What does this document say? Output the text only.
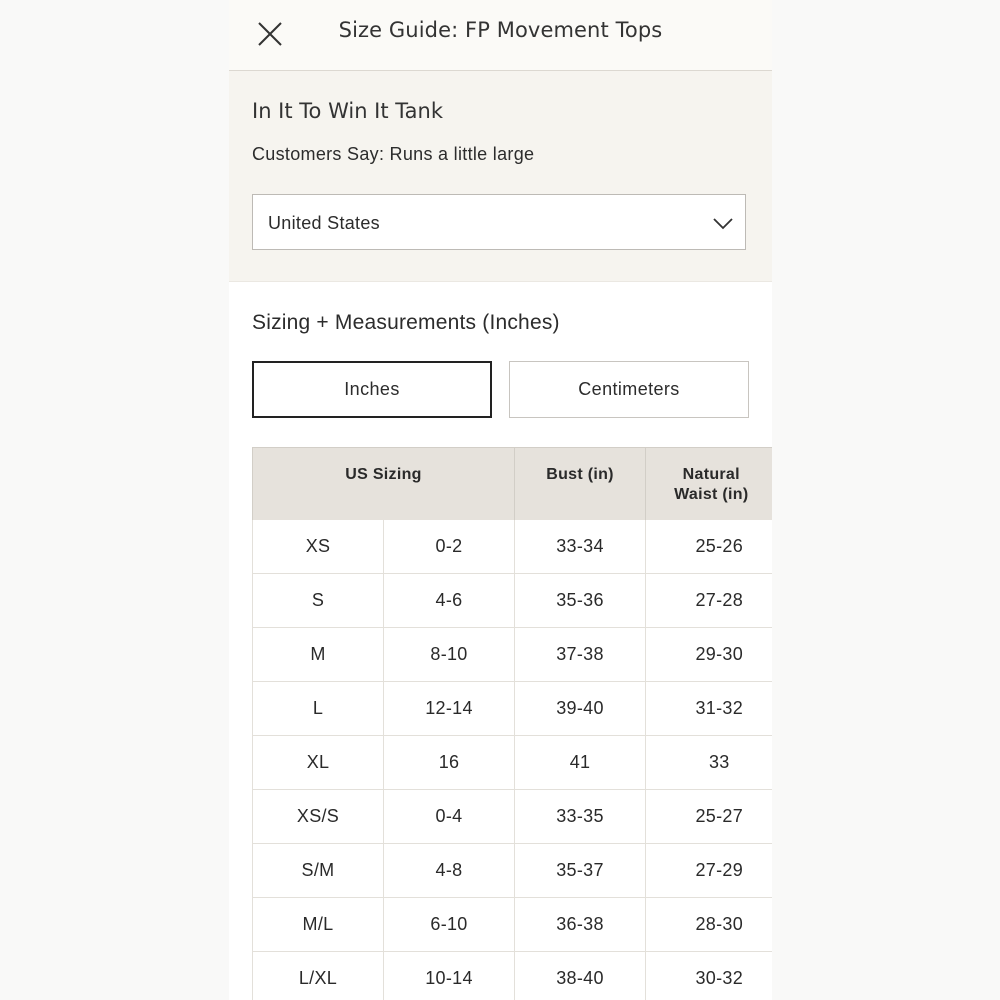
Size Guide: FP Movement Tops
In It To Win It Tank
Customers Say: Runs a little large
United States
Sizing + Measurements (Inches)
Inches	Centimeters
US Sizing		Bust (in)	Natural
Waist (in)

XS	0-2	33-34	25-26
S	4-6	35-36	27-28
M	8-10	37-38	29-30
L	12-14	39-40	31-32
XL	16	41	33
XS/S	0-4	33-35	25-27
S/M	4-8	35-37	27-29
M/L	6-10	36-38	28-30
L/XL	10-14	38-40	30-32
